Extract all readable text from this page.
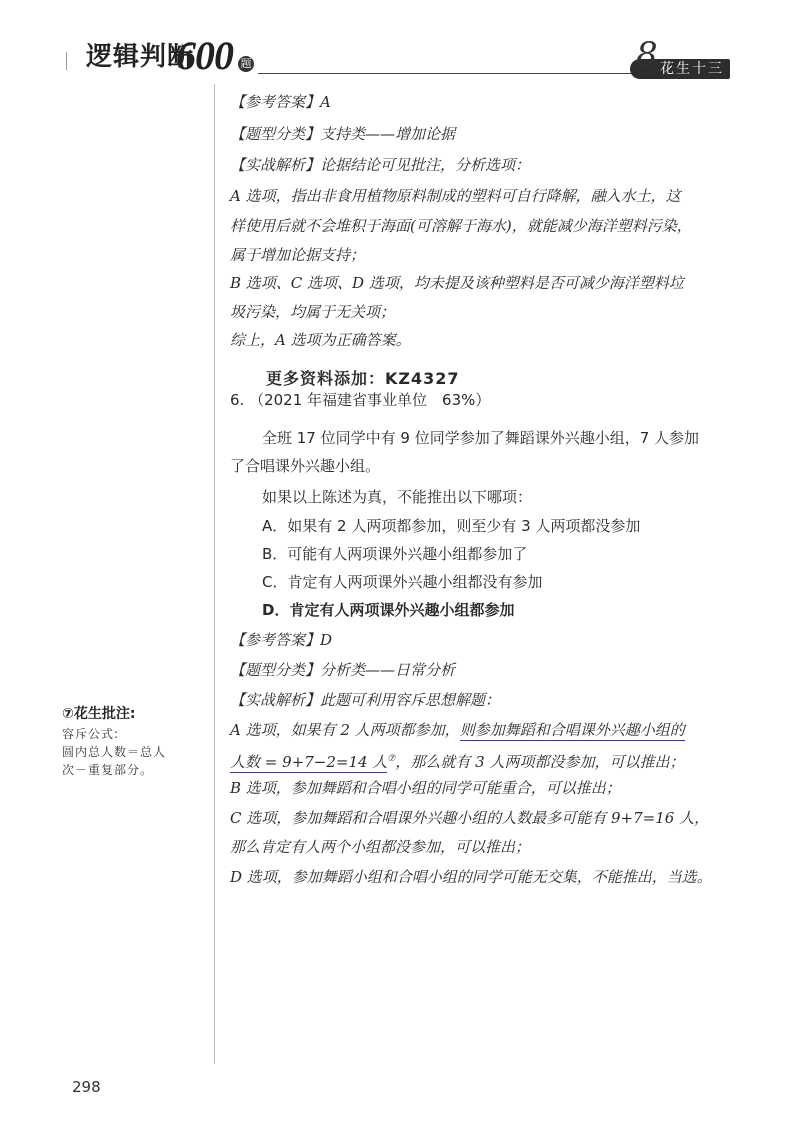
逻辑判断
600 题	8 花生十三
【参考答案】A
【题型分类】支持类——增加论据
【实战解析】论据结论可见批注，分析选项：
A 选项，指出非食用植物原料制成的塑料可自行降解，融入水土，这
样使用后就不会堆积于海面(可溶解于海水)，就能减少海洋塑料污染，
属于增加论据支持；
B 选项、C 选项、D 选项，均未提及该种塑料是否可减少海洋塑料垃
圾污染，均属于无关项；
综上，A 选项为正确答案。
更多资料添加：KZ4327
6. （2021 年福建省事业单位　63%）
全班 17 位同学中有 9 位同学参加了舞蹈课外兴趣小组，7 人参加
了合唱课外兴趣小组。
如果以上陈述为真，不能推出以下哪项：
A．如果有 2 人两项都参加，则至少有 3 人两项都没参加
B．可能有人两项课外兴趣小组都参加了
C．肯定有人两项课外兴趣小组都没有参加
D．肯定有人两项课外兴趣小组都参加
【参考答案】D
【题型分类】分析类——日常分析
【实战解析】此题可利用容斥思想解题：
A 选项，如果有 2 人两项都参加，则参加舞蹈和合唱课外兴趣小组的
人数 = 9+7−2=14 人⑦，那么就有 3 人两项都没参加，可以推出；
B 选项，参加舞蹈和合唱小组的同学可能重合，可以推出；
C 选项，参加舞蹈和合唱课外兴趣小组的人数最多可能有 9+7=16 人，
那么肯定有人两个小组都没参加，可以推出；
D 选项，参加舞蹈小组和合唱小组的同学可能无交集，不能推出，当选。
⑦花生批注:
容斥公式:
圆内总人数＝总人
次－重复部分。
298
